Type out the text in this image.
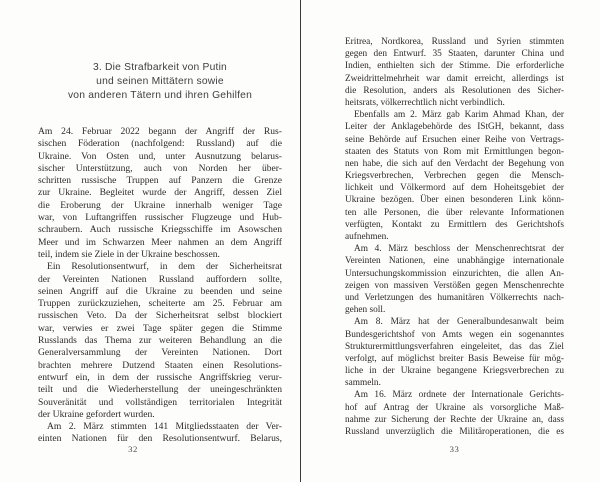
3. Die Strafbarkeit von Putin
und seinen Mittätern sowie
von anderen Tätern und ihren Gehilfen
Am 24. Februar 2022 begann der Angriff der Rus-
sischen Föderation (nachfolgend: Russland) auf die
Ukraine. Von Osten und, unter Ausnutzung belarus-
sischer Unterstützung, auch von Norden her über-
schritten russische Truppen auf Panzern die Grenze
zur Ukraine. Begleitet wurde der Angriff, dessen Ziel
die Eroberung der Ukraine innerhalb weniger Tage
war, von Luftangriffen russischer Flugzeuge und Hub-
schraubern. Auch russische Kriegsschiffe im Asowschen
Meer und im Schwarzen Meer nahmen an dem Angriff
teil, indem sie Ziele in der Ukraine beschossen.
Ein Resolutionsentwurf, in dem der Sicherheitsrat
der Vereinten Nationen Russland auffordern sollte,
seinen Angriff auf die Ukraine zu beenden und seine
Truppen zurückzuziehen, scheiterte am 25. Februar am
russischen Veto. Da der Sicherheitsrat selbst blockiert
war, verwies er zwei Tage später gegen die Stimme
Russlands das Thema zur weiteren Behandlung an die
Generalversammlung der Vereinten Nationen. Dort
brachten mehrere Dutzend Staaten einen Resolutions-
entwurf ein, in dem der russische Angriffskrieg verur-
teilt und die Wiederherstellung der uneingeschränkten
Souveränität und vollständigen territorialen Integrität
der Ukraine gefordert wurden.
Am 2. März stimmten 141 Mitgliedsstaaten der Ver-
einten Nationen für den Resolutionsentwurf. Belarus,
32
Eritrea, Nordkorea, Russland und Syrien stimmten
gegen den Entwurf. 35 Staaten, darunter China und
Indien, enthielten sich der Stimme. Die erforderliche
Zweidrittelmehrheit war damit erreicht, allerdings ist
die Resolution, anders als Resolutionen des Sicher-
heitsrats, völkerrechtlich nicht verbindlich.
Ebenfalls am 2. März gab Karim Ahmad Khan, der
Leiter der Anklagebehörde des IStGH, bekannt, dass
seine Behörde auf Ersuchen einer Reihe von Vertrags-
staaten des Statuts von Rom mit Ermittlungen begon-
nen habe, die sich auf den Verdacht der Begehung von
Kriegsverbrechen, Verbrechen gegen die Mensch-
lichkeit und Völkermord auf dem Hoheitsgebiet der
Ukraine bezögen. Über einen besonderen Link könn-
ten alle Personen, die über relevante Informationen
verfügten, Kontakt zu Ermittlern des Gerichtshofs
aufnehmen.
Am 4. März beschloss der Menschenrechtsrat der
Vereinten Nationen, eine unabhängige internationale
Untersuchungskommission einzurichten, die allen An-
zeigen von massiven Verstößen gegen Menschenrechte
und Verletzungen des humanitären Völkerrechts nach-
gehen soll.
Am 8. März hat der Generalbundesanwalt beim
Bundesgerichtshof von Amts wegen ein sogenanntes
Strukturermittlungsverfahren eingeleitet, das das Ziel
verfolgt, auf möglichst breiter Basis Beweise für mög-
liche in der Ukraine begangene Kriegsverbrechen zu
sammeln.
Am 16. März ordnete der Internationale Gerichts-
hof auf Antrag der Ukraine als vorsorgliche Maß-
nahme zur Sicherung der Rechte der Ukraine an, dass
Russland unverzüglich die Militäroperationen, die es
33
